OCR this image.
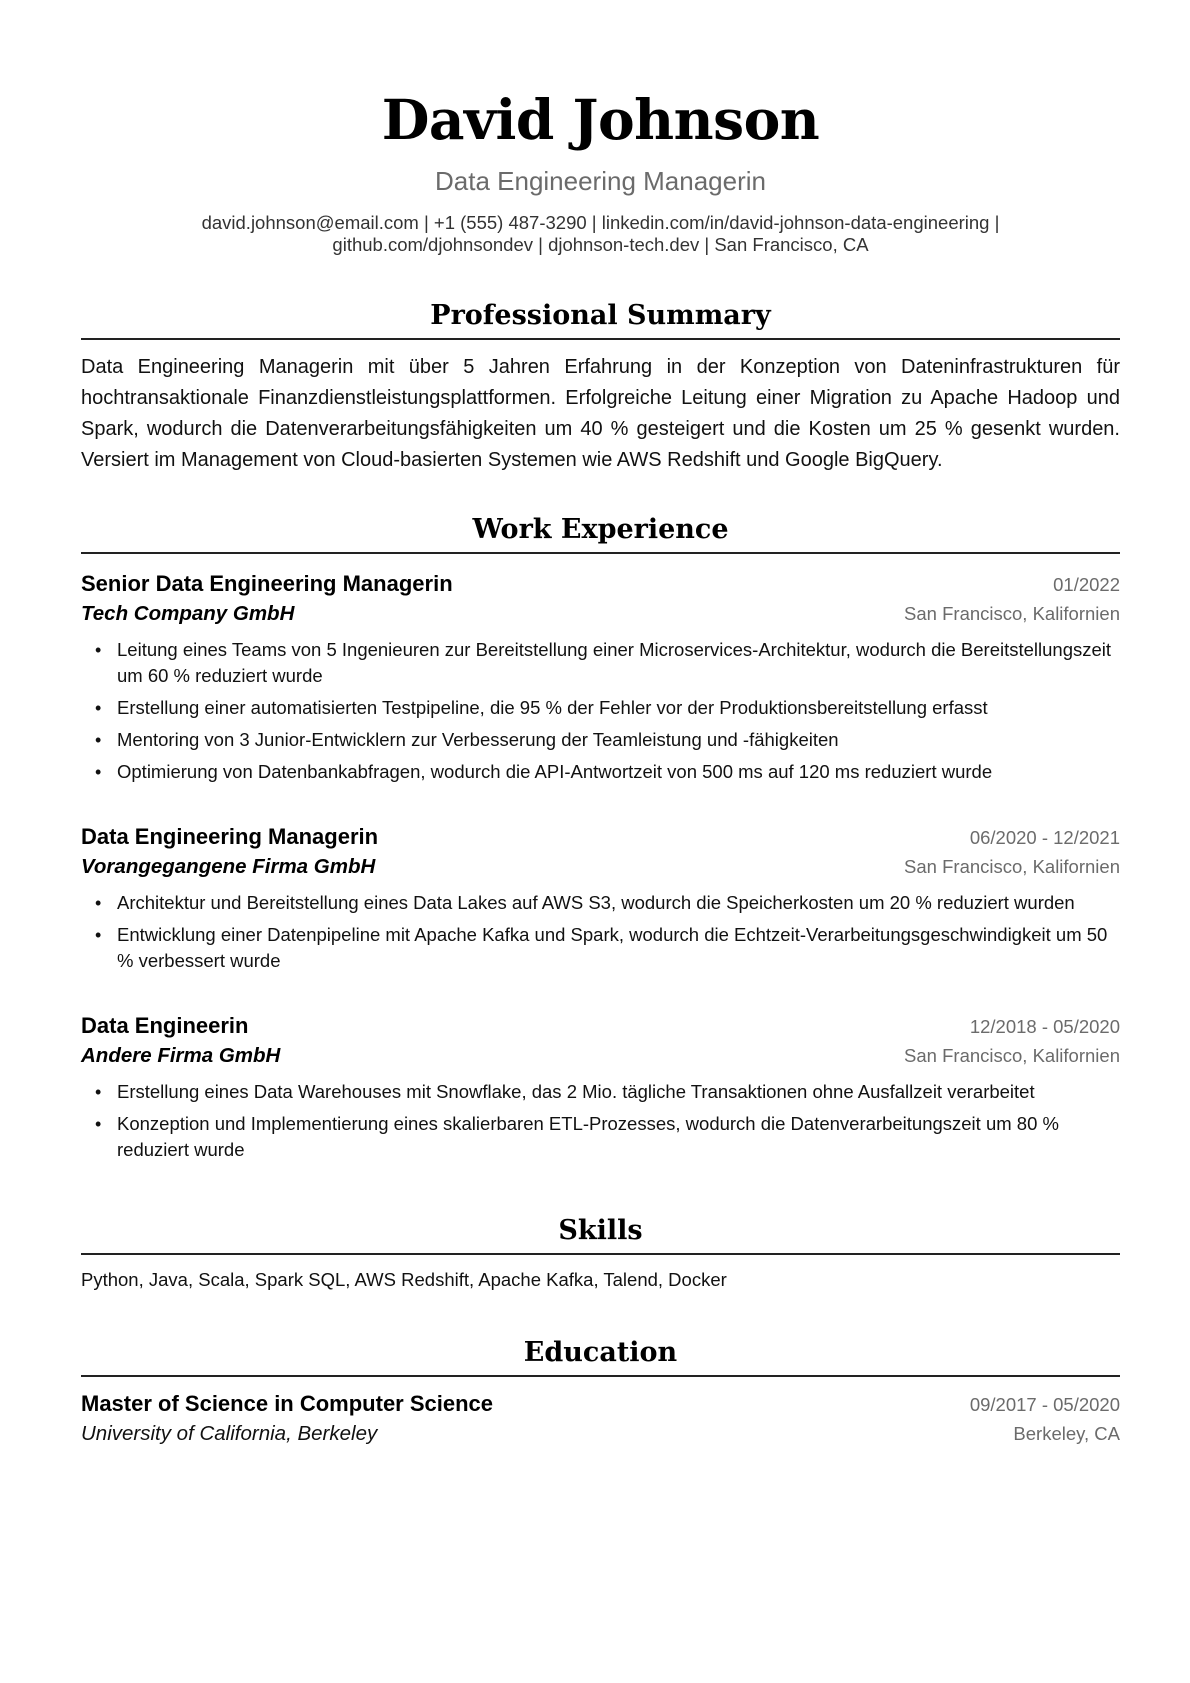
David Johnson
Data Engineering Managerin
david.johnson@email.com | +1 (555) 487-3290 | linkedin.com/in/david-johnson-data-engineering |
github.com/djohnsondev | djohnson-tech.dev | San Francisco, CA
Professional Summary
Data Engineering Managerin mit über 5 Jahren Erfahrung in der Konzeption von Dateninfrastrukturen für hochtransaktionale Finanzdienstleistungsplattformen. Erfolgreiche Leitung einer Migration zu Apache Hadoop und Spark, wodurch die Datenverarbeitungsfähigkeiten um 40 % gesteigert und die Kosten um 25 % gesenkt wurden. Versiert im Management von Cloud-basierten Systemen wie AWS Redshift und Google BigQuery.
Work Experience
Senior Data Engineering Managerin	01/2022
Tech Company GmbH	San Francisco, Kalifornien
• Leitung eines Teams von 5 Ingenieuren zur Bereitstellung einer Microservices-Architektur, wodurch die Bereitstellungszeit um 60 % reduziert wurde
• Erstellung einer automatisierten Testpipeline, die 95 % der Fehler vor der Produktionsbereitstellung erfasst
• Mentoring von 3 Junior-Entwicklern zur Verbesserung der Teamleistung und -fähigkeiten
• Optimierung von Datenbankabfragen, wodurch die API-Antwortzeit von 500 ms auf 120 ms reduziert wurde
Data Engineering Managerin	06/2020 - 12/2021
Vorangegangene Firma GmbH	San Francisco, Kalifornien
• Architektur und Bereitstellung eines Data Lakes auf AWS S3, wodurch die Speicherkosten um 20 % reduziert wurden
• Entwicklung einer Datenpipeline mit Apache Kafka und Spark, wodurch die Echtzeit-Verarbeitungsgeschwindigkeit um 50 % verbessert wurde
Data Engineerin	12/2018 - 05/2020
Andere Firma GmbH	San Francisco, Kalifornien
• Erstellung eines Data Warehouses mit Snowflake, das 2 Mio. tägliche Transaktionen ohne Ausfallzeit verarbeitet
• Konzeption und Implementierung eines skalierbaren ETL-Prozesses, wodurch die Datenverarbeitungszeit um 80 % reduziert wurde
Skills
Python, Java, Scala, Spark SQL, AWS Redshift, Apache Kafka, Talend, Docker
Education
Master of Science in Computer Science	09/2017 - 05/2020
University of California, Berkeley	Berkeley, CA
